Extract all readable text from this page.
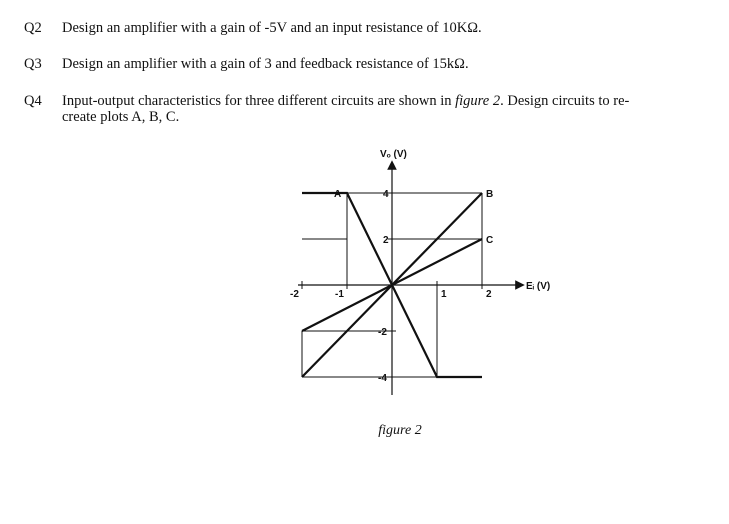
Q2 Design an amplifier with a gain of -5V and an input resistance of 10KΩ.
Q3 Design an amplifier with a gain of 3 and feedback resistance of 15kΩ.
Q4 Input-output characteristics for three different circuits are shown in figure 2. Design circuits to re-
create plots A, B, C.
-2	-1	1	2
4
2
-2
-4
Vₒ (V)
Eᵢ (V)
A	B
C
figure 2
